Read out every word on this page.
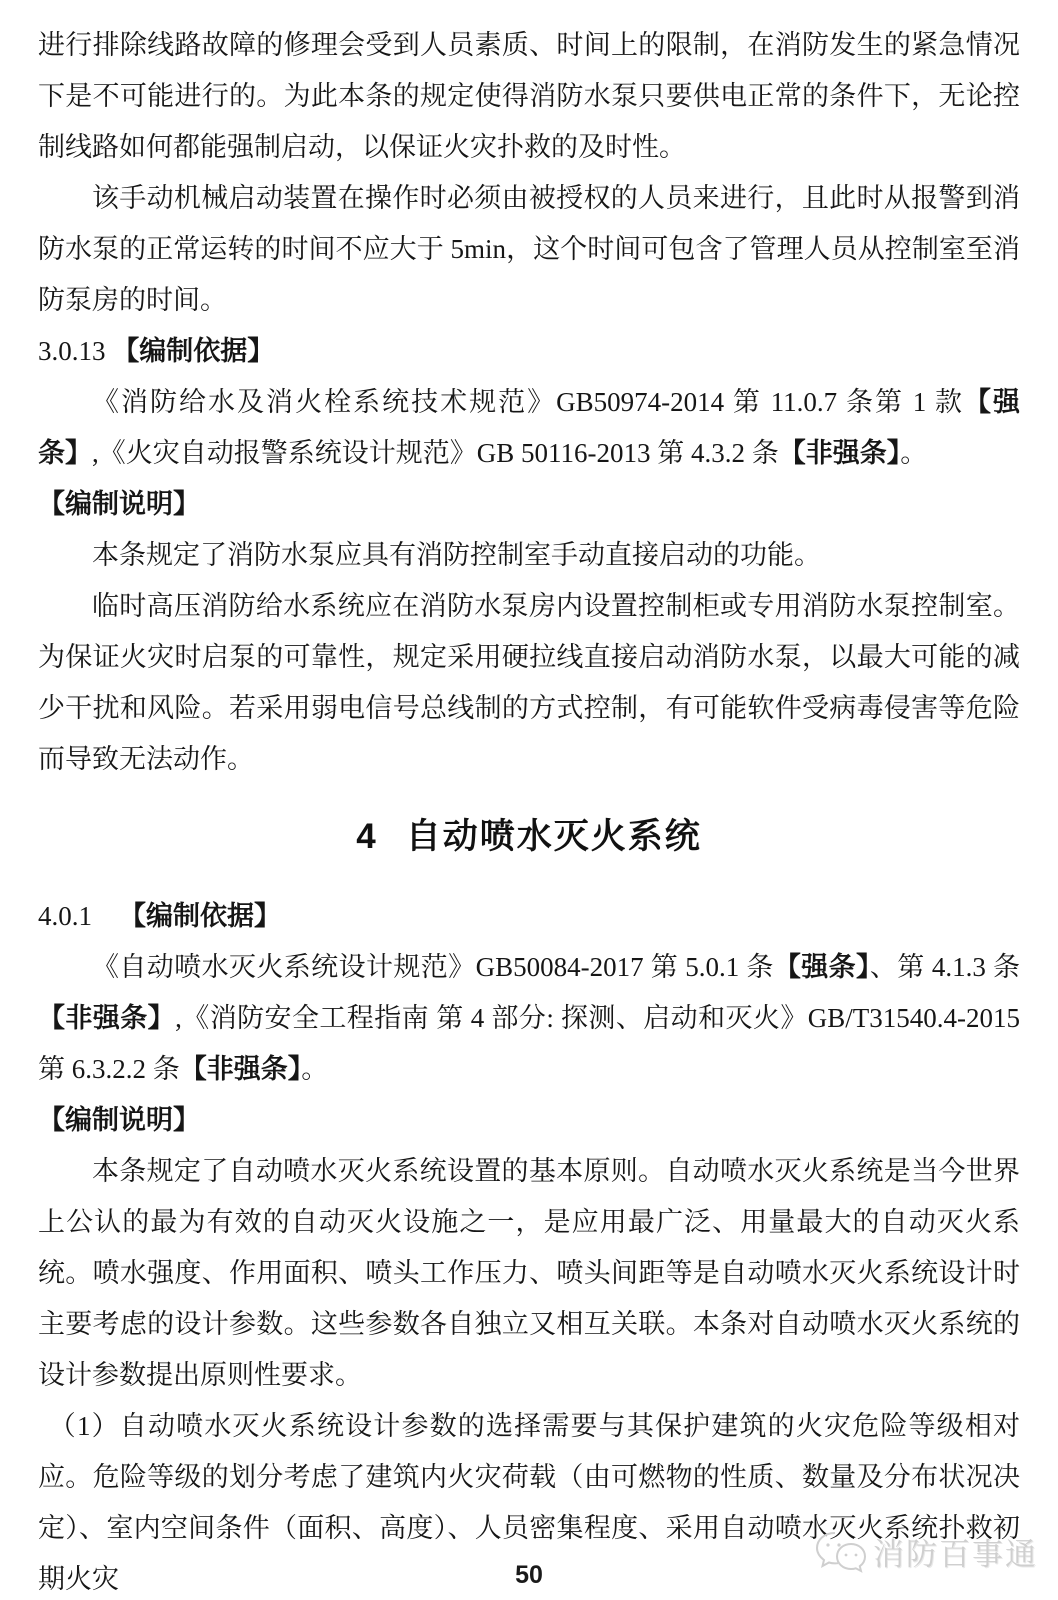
进行排除线路故障的修理会受到人员素质、时间上的限制，在消防发生的紧急情况下是不可能进行的。为此本条的规定使得消防水泵只要供电正常的条件下，无论控制线路如何都能强制启动，以保证火灾扑救的及时性。

该手动机械启动装置在操作时必须由被授权的人员来进行，且此时从报警到消防水泵的正常运转的时间不应大于 5min，这个时间可包含了管理人员从控制室至消防泵房的时间。

3.0.13 【编制依据】

《消防给水及消火栓系统技术规范》GB50974-2014 第 11.0.7 条第 1 款【强条】,《火灾自动报警系统设计规范》GB 50116-2013 第 4.3.2 条【非强条】。

【编制说明】

本条规定了消防水泵应具有消防控制室手动直接启动的功能。

临时高压消防给水系统应在消防水泵房内设置控制柜或专用消防水泵控制室。为保证火灾时启泵的可靠性，规定采用硬拉线直接启动消防水泵，以最大可能的减少干扰和风险。若采用弱电信号总线制的方式控制，有可能软件受病毒侵害等危险而导致无法动作。

4 自动喷水灭火系统

4.0.1    【编制依据】

《自动喷水灭火系统设计规范》GB50084-2017 第 5.0.1 条【强条】、第 4.1.3 条【非强条】,《消防安全工程指南 第 4 部分: 探测、启动和灭火》GB/T31540.4-2015 第 6.3.2.2 条【非强条】。

【编制说明】

本条规定了自动喷水灭火系统设置的基本原则。自动喷水灭火系统是当今世界上公认的最为有效的自动灭火设施之一，是应用最广泛、用量最大的自动灭火系统。喷水强度、作用面积、喷头工作压力、喷头间距等是自动喷水灭火系统设计时主要考虑的设计参数。这些参数各自独立又相互关联。本条对自动喷水灭火系统的设计参数提出原则性要求。

（1）自动喷水灭火系统设计参数的选择需要与其保护建筑的火灾危险等级相对应。危险等级的划分考虑了建筑内火灾荷载（由可燃物的性质、数量及分布状况决定）、室内空间条件（面积、高度）、人员密集程度、采用自动喷水灭火系统扑救初期火灾

消防百事通
50
